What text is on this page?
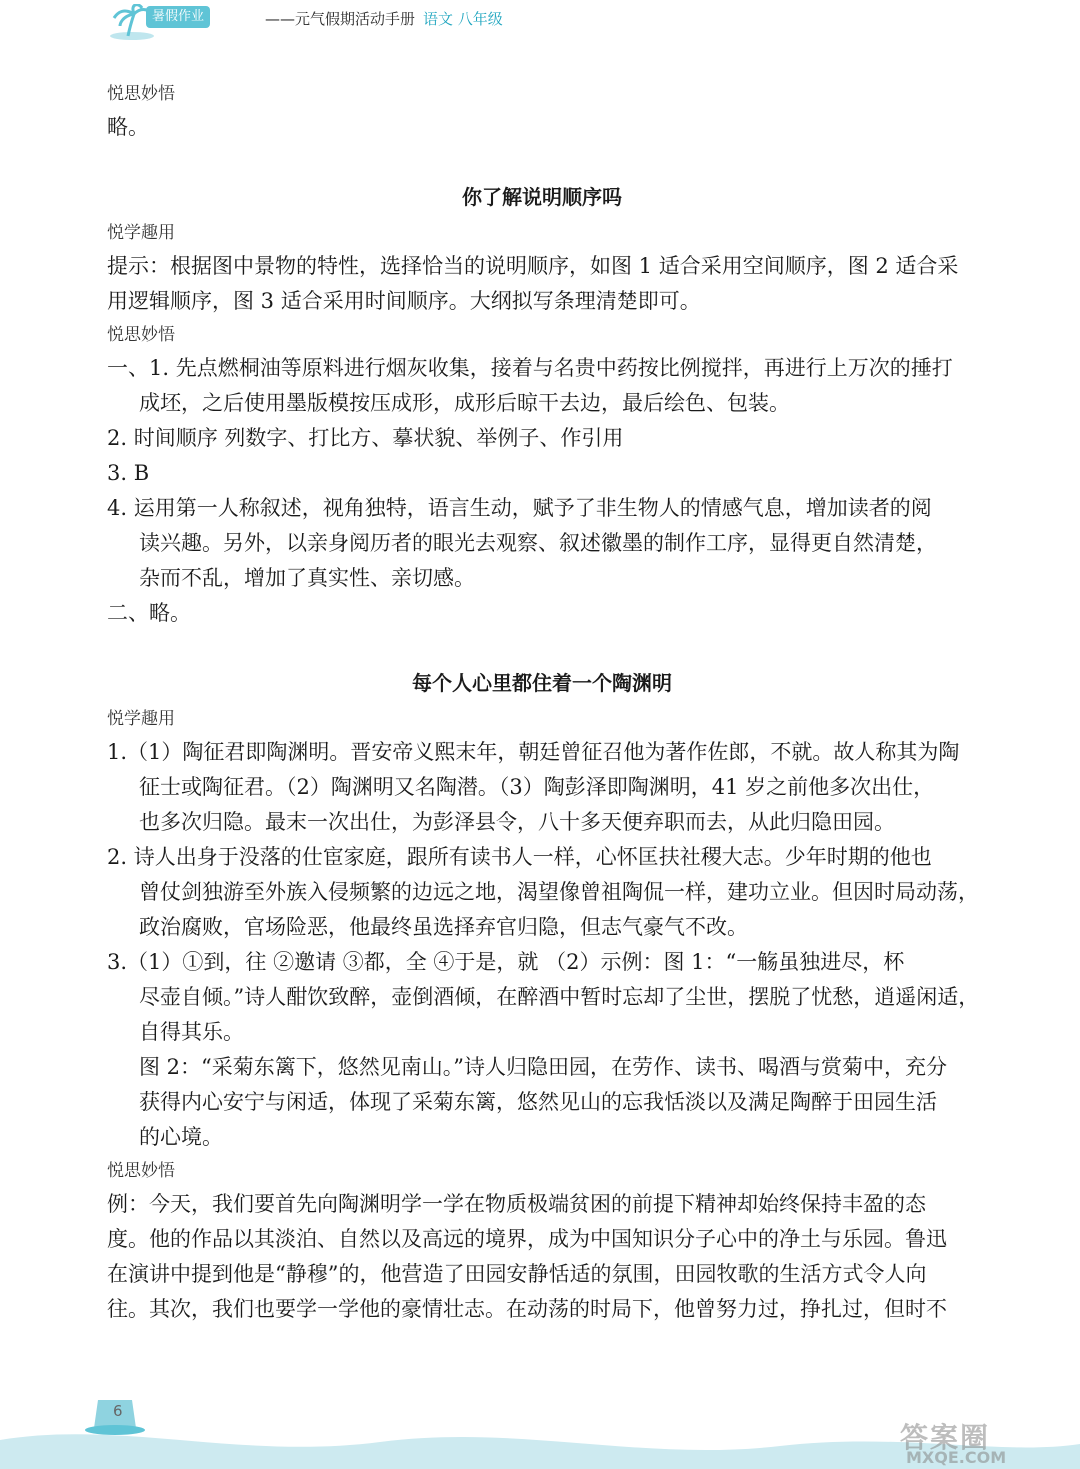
暑假作业	——元气假期活动手册 语文 八年级
悦思妙悟
略。
你了解说明顺序吗
悦学趣用
提示：根据图中景物的特性，选择恰当的说明顺序，如图 1 适合采用空间顺序，图 2 适合采
用逻辑顺序，图 3 适合采用时间顺序。大纲拟写条理清楚即可。
悦思妙悟
一、1. 先点燃桐油等原料进行烟灰收集，接着与名贵中药按比例搅拌，再进行上万次的捶打
成坯，之后使用墨版模按压成形，成形后晾干去边，最后绘色、包装。
2. 时间顺序 列数字、打比方、摹状貌、举例子、作引用
3. B
4. 运用第一人称叙述，视角独特，语言生动，赋予了非生物人的情感气息，增加读者的阅
读兴趣。另外，以亲身阅历者的眼光去观察、叙述徽墨的制作工序，显得更自然清楚，
杂而不乱，增加了真实性、亲切感。
二、略。
每个人心里都住着一个陶渊明
悦学趣用
1.（1）陶征君即陶渊明。晋安帝义熙末年，朝廷曾征召他为著作佐郎，不就。故人称其为陶
征士或陶征君。（2）陶渊明又名陶潜。（3）陶彭泽即陶渊明，41 岁之前他多次出仕，
也多次归隐。最末一次出仕，为彭泽县令，八十多天便弃职而去，从此归隐田园。
2. 诗人出身于没落的仕宦家庭，跟所有读书人一样，心怀匡扶社稷大志。少年时期的他也
曾仗剑独游至外族入侵频繁的边远之地，渴望像曾祖陶侃一样，建功立业。但因时局动荡，
政治腐败，官场险恶，他最终虽选择弃官归隐，但志气豪气不改。
3.（1）①到，往 ②邀请 ③都，全 ④于是，就 （2）示例：图 1：“一觞虽独进尽，杯
尽壶自倾。”诗人酣饮致醉，壶倒酒倾，在醉酒中暂时忘却了尘世，摆脱了忧愁，逍遥闲适，
自得其乐。
图 2：“采菊东篱下，悠然见南山。”诗人归隐田园，在劳作、读书、喝酒与赏菊中，充分
获得内心安宁与闲适，体现了采菊东篱，悠然见山的忘我恬淡以及满足陶醉于田园生活
的心境。
悦思妙悟
例：今天，我们要首先向陶渊明学一学在物质极端贫困的前提下精神却始终保持丰盈的态
度。他的作品以其淡泊、自然以及高远的境界，成为中国知识分子心中的净土与乐园。鲁迅
在演讲中提到他是“静穆”的，他营造了田园安静恬适的氛围，田园牧歌的生活方式令人向
往。其次，我们也要学一学他的豪情壮志。在动荡的时局下，他曾努力过，挣扎过，但时不
6
答案圈
MXQE.COM
